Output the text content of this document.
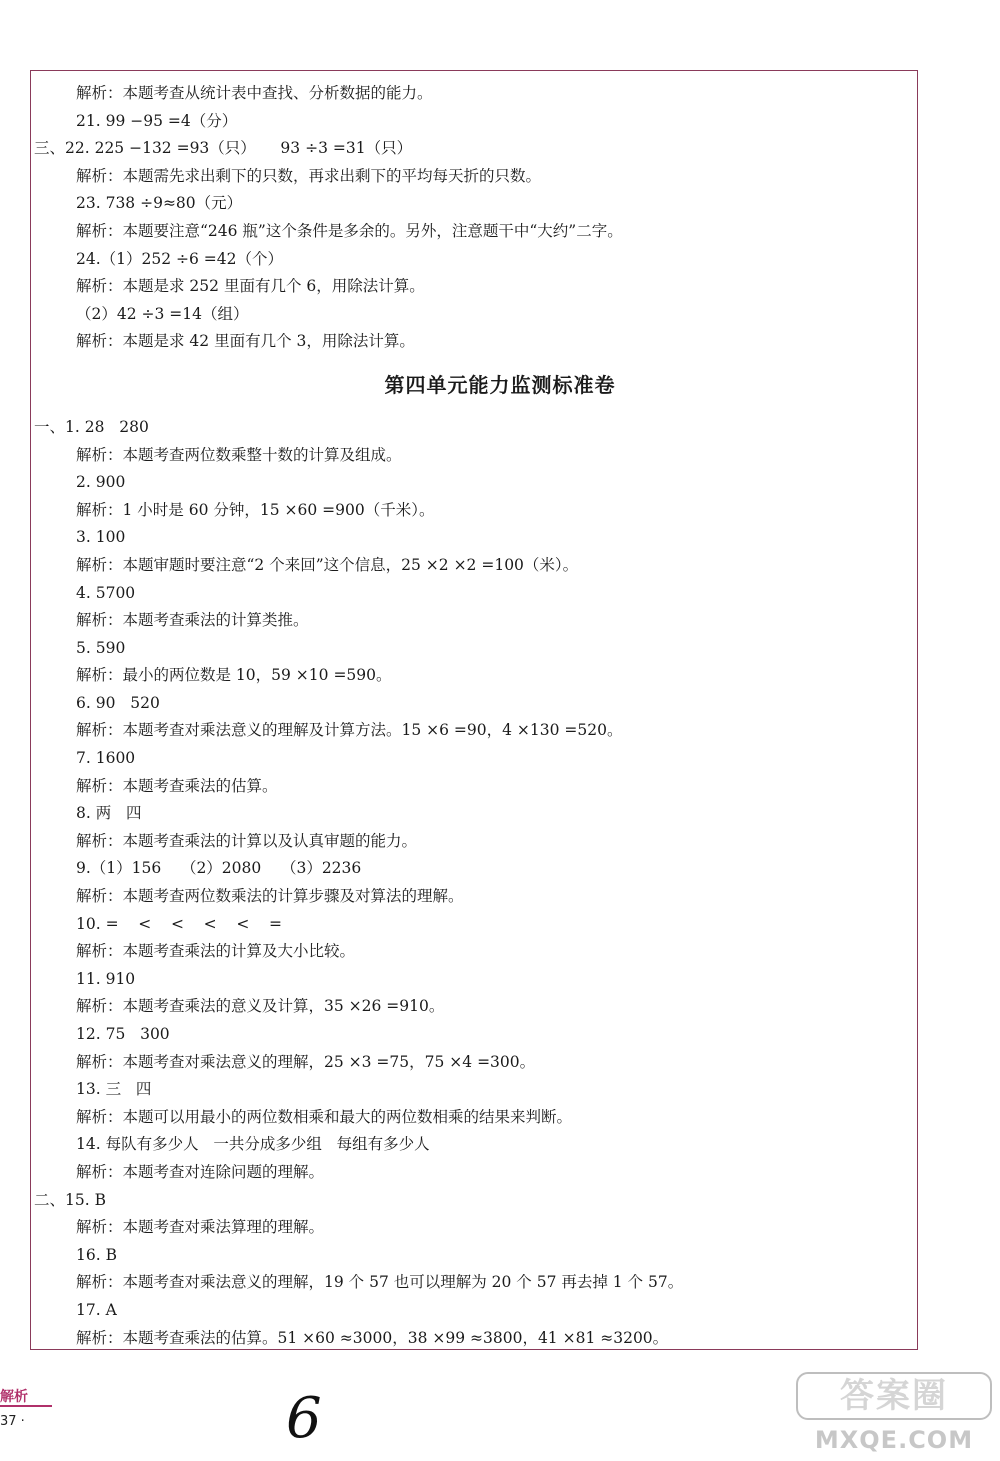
解析：本题考查从统计表中查找、分析数据的能力。
21. 99 −95 =4（分）
三、22. 225 −132 =93（只）     93 ÷3 =31（只）
解析：本题需先求出剩下的只数，再求出剩下的平均每天折的只数。
23. 738 ÷9≈80（元）
解析：本题要注意“246 瓶”这个条件是多余的。另外，注意题干中“大约”二字。
24.（1）252 ÷6 =42（个）
解析：本题是求 252 里面有几个 6，用除法计算。
（2）42 ÷3 =14（组）
解析：本题是求 42 里面有几个 3，用除法计算。
第四单元能力监测标准卷
一、1. 28   280
解析：本题考查两位数乘整十数的计算及组成。
2. 900
解析：1 小时是 60 分钟，15 ×60 =900（千米）。
3. 100
解析：本题审题时要注意“2 个来回”这个信息，25 ×2 ×2 =100（米）。
4. 5700
解析：本题考查乘法的计算类推。
5. 590
解析：最小的两位数是 10，59 ×10 =590。
6. 90   520
解析：本题考查对乘法意义的理解及计算方法。15 ×6 =90，4 ×130 =520。
7. 1600
解析：本题考查乘法的估算。
8. 两   四
解析：本题考查乘法的计算以及认真审题的能力。
9.（1）156    （2）2080    （3）2236
解析：本题考查两位数乘法的计算步骤及对算法的理解。
10. =    <    <    <    <    =
解析：本题考查乘法的计算及大小比较。
11. 910
解析：本题考查乘法的意义及计算，35 ×26 =910。
12. 75   300
解析：本题考查对乘法意义的理解，25 ×3 =75，75 ×4 =300。
13. 三   四
解析：本题可以用最小的两位数相乘和最大的两位数相乘的结果来判断。
14. 每队有多少人   一共分成多少组   每组有多少人
解析：本题考查对连除问题的理解。
二、15. B
解析：本题考查对乘法算理的理解。
16. B
解析：本题考查对乘法意义的理解，19 个 57 也可以理解为 20 个 57 再去掉 1 个 57。
17. A
解析：本题考查乘法的估算。51 ×60 ≈3000，38 ×99 ≈3800，41 ×81 ≈3200。
解析
37 ·	6	答案圈
MXQE.COM
